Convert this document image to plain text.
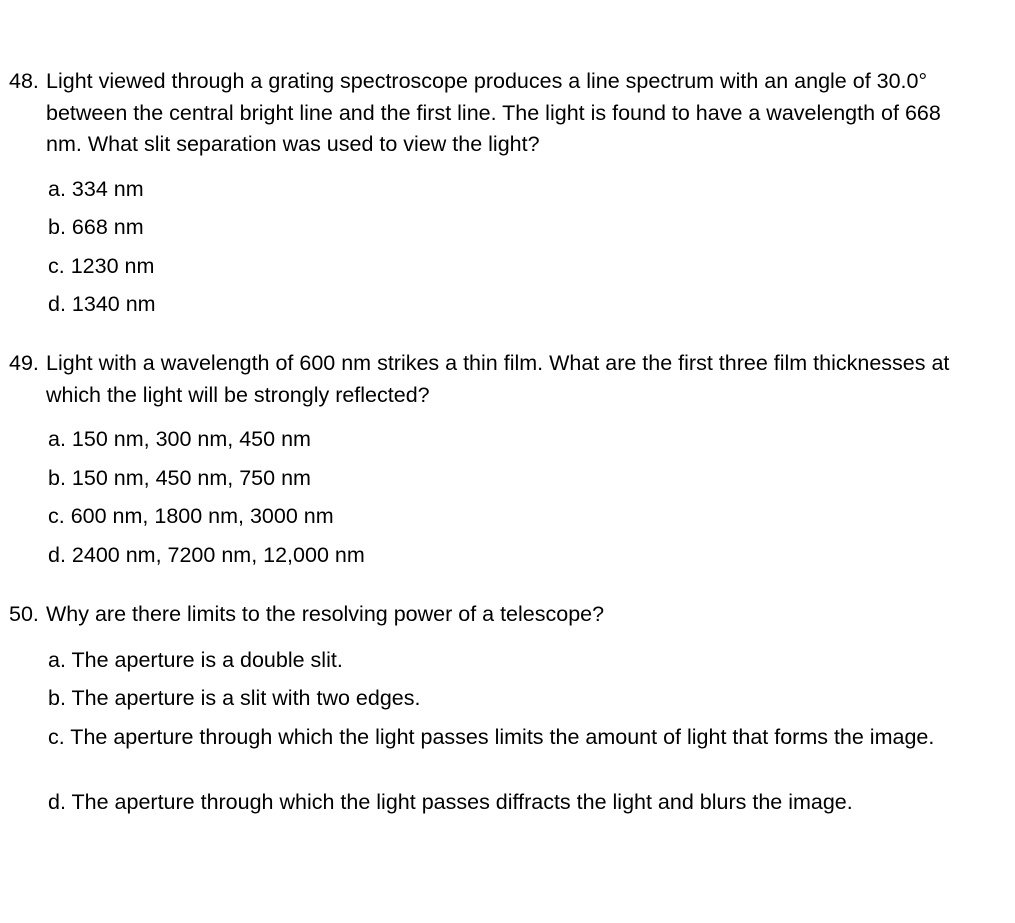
48. Light viewed through a grating spectroscope produces a line spectrum with an angle of 30.0° between the central bright line and the first line. The light is found to have a wavelength of 668 nm. What slit separation was used to view the light?

a. 334 nm
b. 668 nm
c. 1230 nm
d. 1340 nm

49. Light with a wavelength of 600 nm strikes a thin film. What are the first three film thicknesses at which the light will be strongly reflected?

a. 150 nm, 300 nm, 450 nm
b. 150 nm, 450 nm, 750 nm
c. 600 nm, 1800 nm, 3000 nm
d. 2400 nm, 7200 nm, 12,000 nm

50. Why are there limits to the resolving power of a telescope?

a. The aperture is a double slit.
b. The aperture is a slit with two edges.
c. The aperture through which the light passes limits the amount of light that forms the image.
d. The aperture through which the light passes diffracts the light and blurs the image.
